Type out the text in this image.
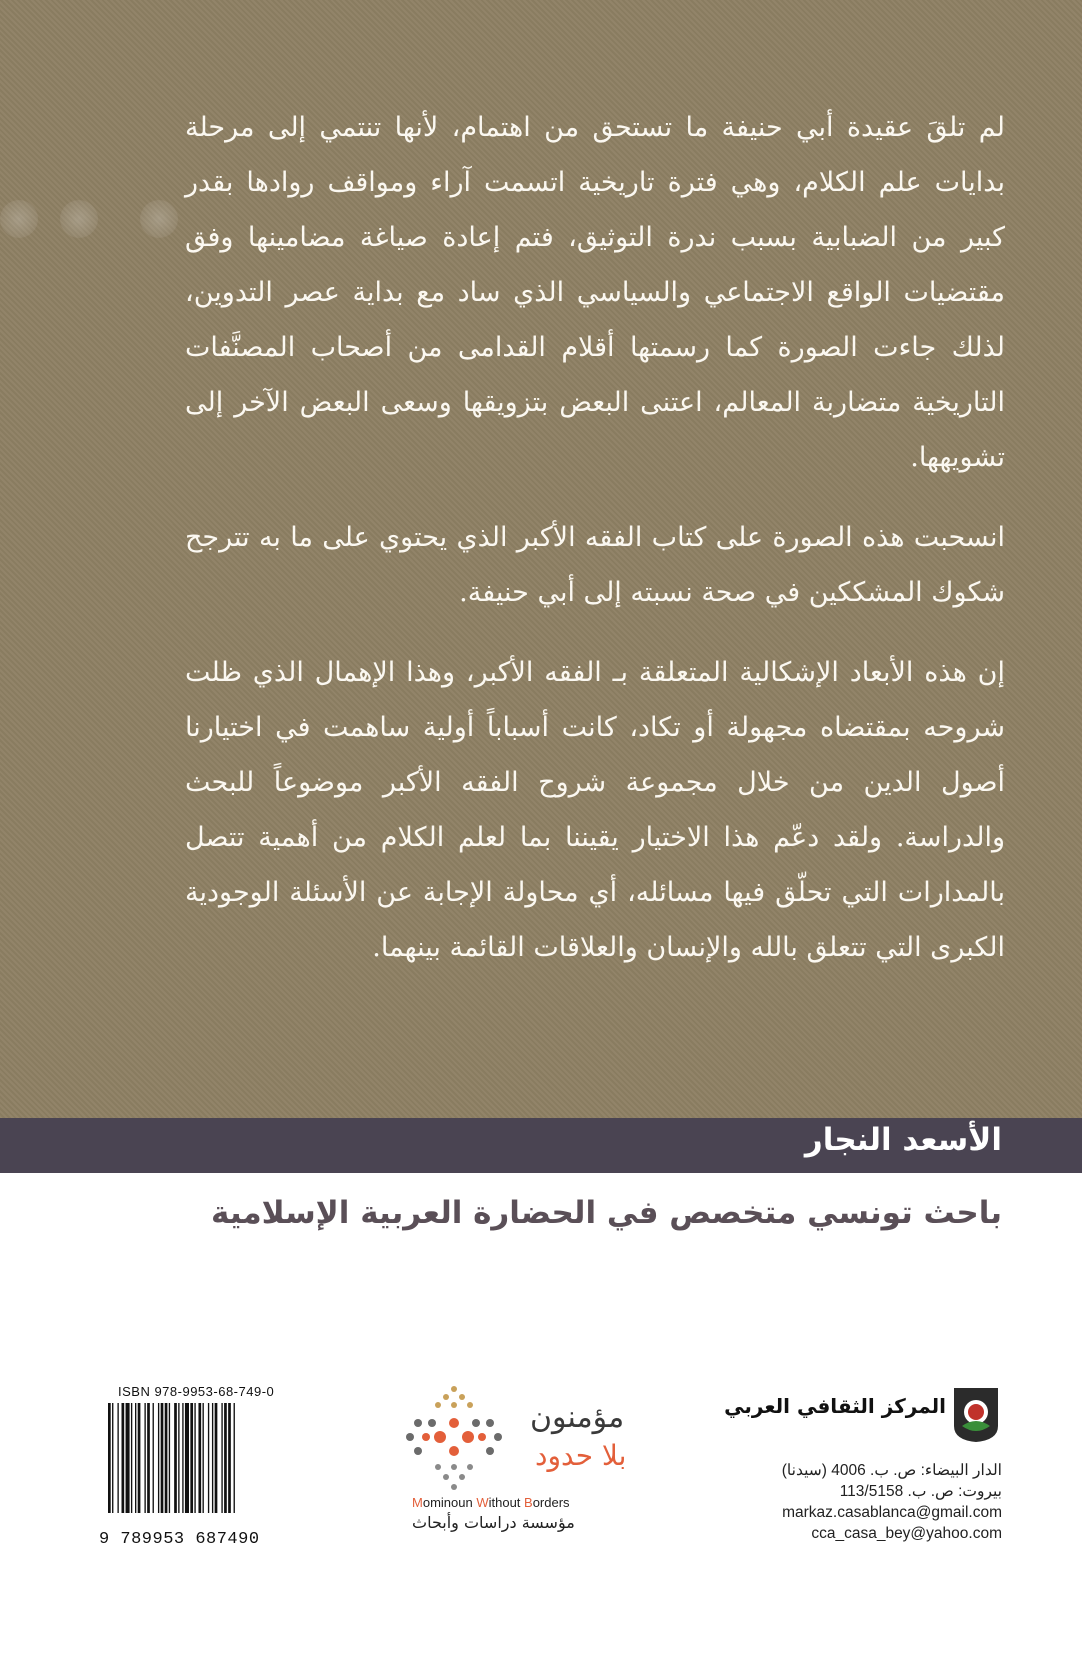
لم تلقَ عقيدة أبي حنيفة ما تستحق من اهتمام، لأنها تنتمي إلى مرحلة بدايات علم الكلام، وهي فترة تاريخية اتسمت آراء ومواقف روادها بقدر كبير من الضبابية بسبب ندرة التوثيق، فتم إعادة صياغة مضامينها وفق مقتضيات الواقع الاجتماعي والسياسي الذي ساد مع بداية عصر التدوين، لذلك جاءت الصورة كما رسمتها أقلام القدامى من أصحاب المصنَّفات التاريخية متضاربة المعالم، اعتنى البعض بتزويقها وسعى البعض الآخر إلى تشويهها.

انسحبت هذه الصورة على كتاب الفقه الأكبر الذي يحتوي على ما به تترجح شكوك المشككين في صحة نسبته إلى أبي حنيفة.

إن هذه الأبعاد الإشكالية المتعلقة بـ الفقه الأكبر، وهذا الإهمال الذي ظلت شروحه بمقتضاه مجهولة أو تكاد، كانت أسباباً أولية ساهمت في اختيارنا أصول الدين من خلال مجموعة شروح الفقه الأكبر موضوعاً للبحث والدراسة. ولقد دعّم هذا الاختيار يقيننا بما لعلم الكلام من أهمية تتصل بالمدارات التي تحلّق فيها مسائله، أي محاولة الإجابة عن الأسئلة الوجودية الكبرى التي تتعلق بالله والإنسان والعلاقات القائمة بينهما.

الأسعد النجار
باحث تونسي متخصص في الحضارة العربية الإسلامية
المركز الثقافي العربي
الدار البيضاء: ص. ب. 4006 (سيدنا)
بيروت: ص. ب. 113/5158
markaz.casablanca@gmail.com
cca_casa_bey@yahoo.com
مؤمنون
بلا حدود
Mominoun Without Borders
مؤسسة دراسات وأبحاث
ISBN 978-9953-68-749-0
9 789953 687490
